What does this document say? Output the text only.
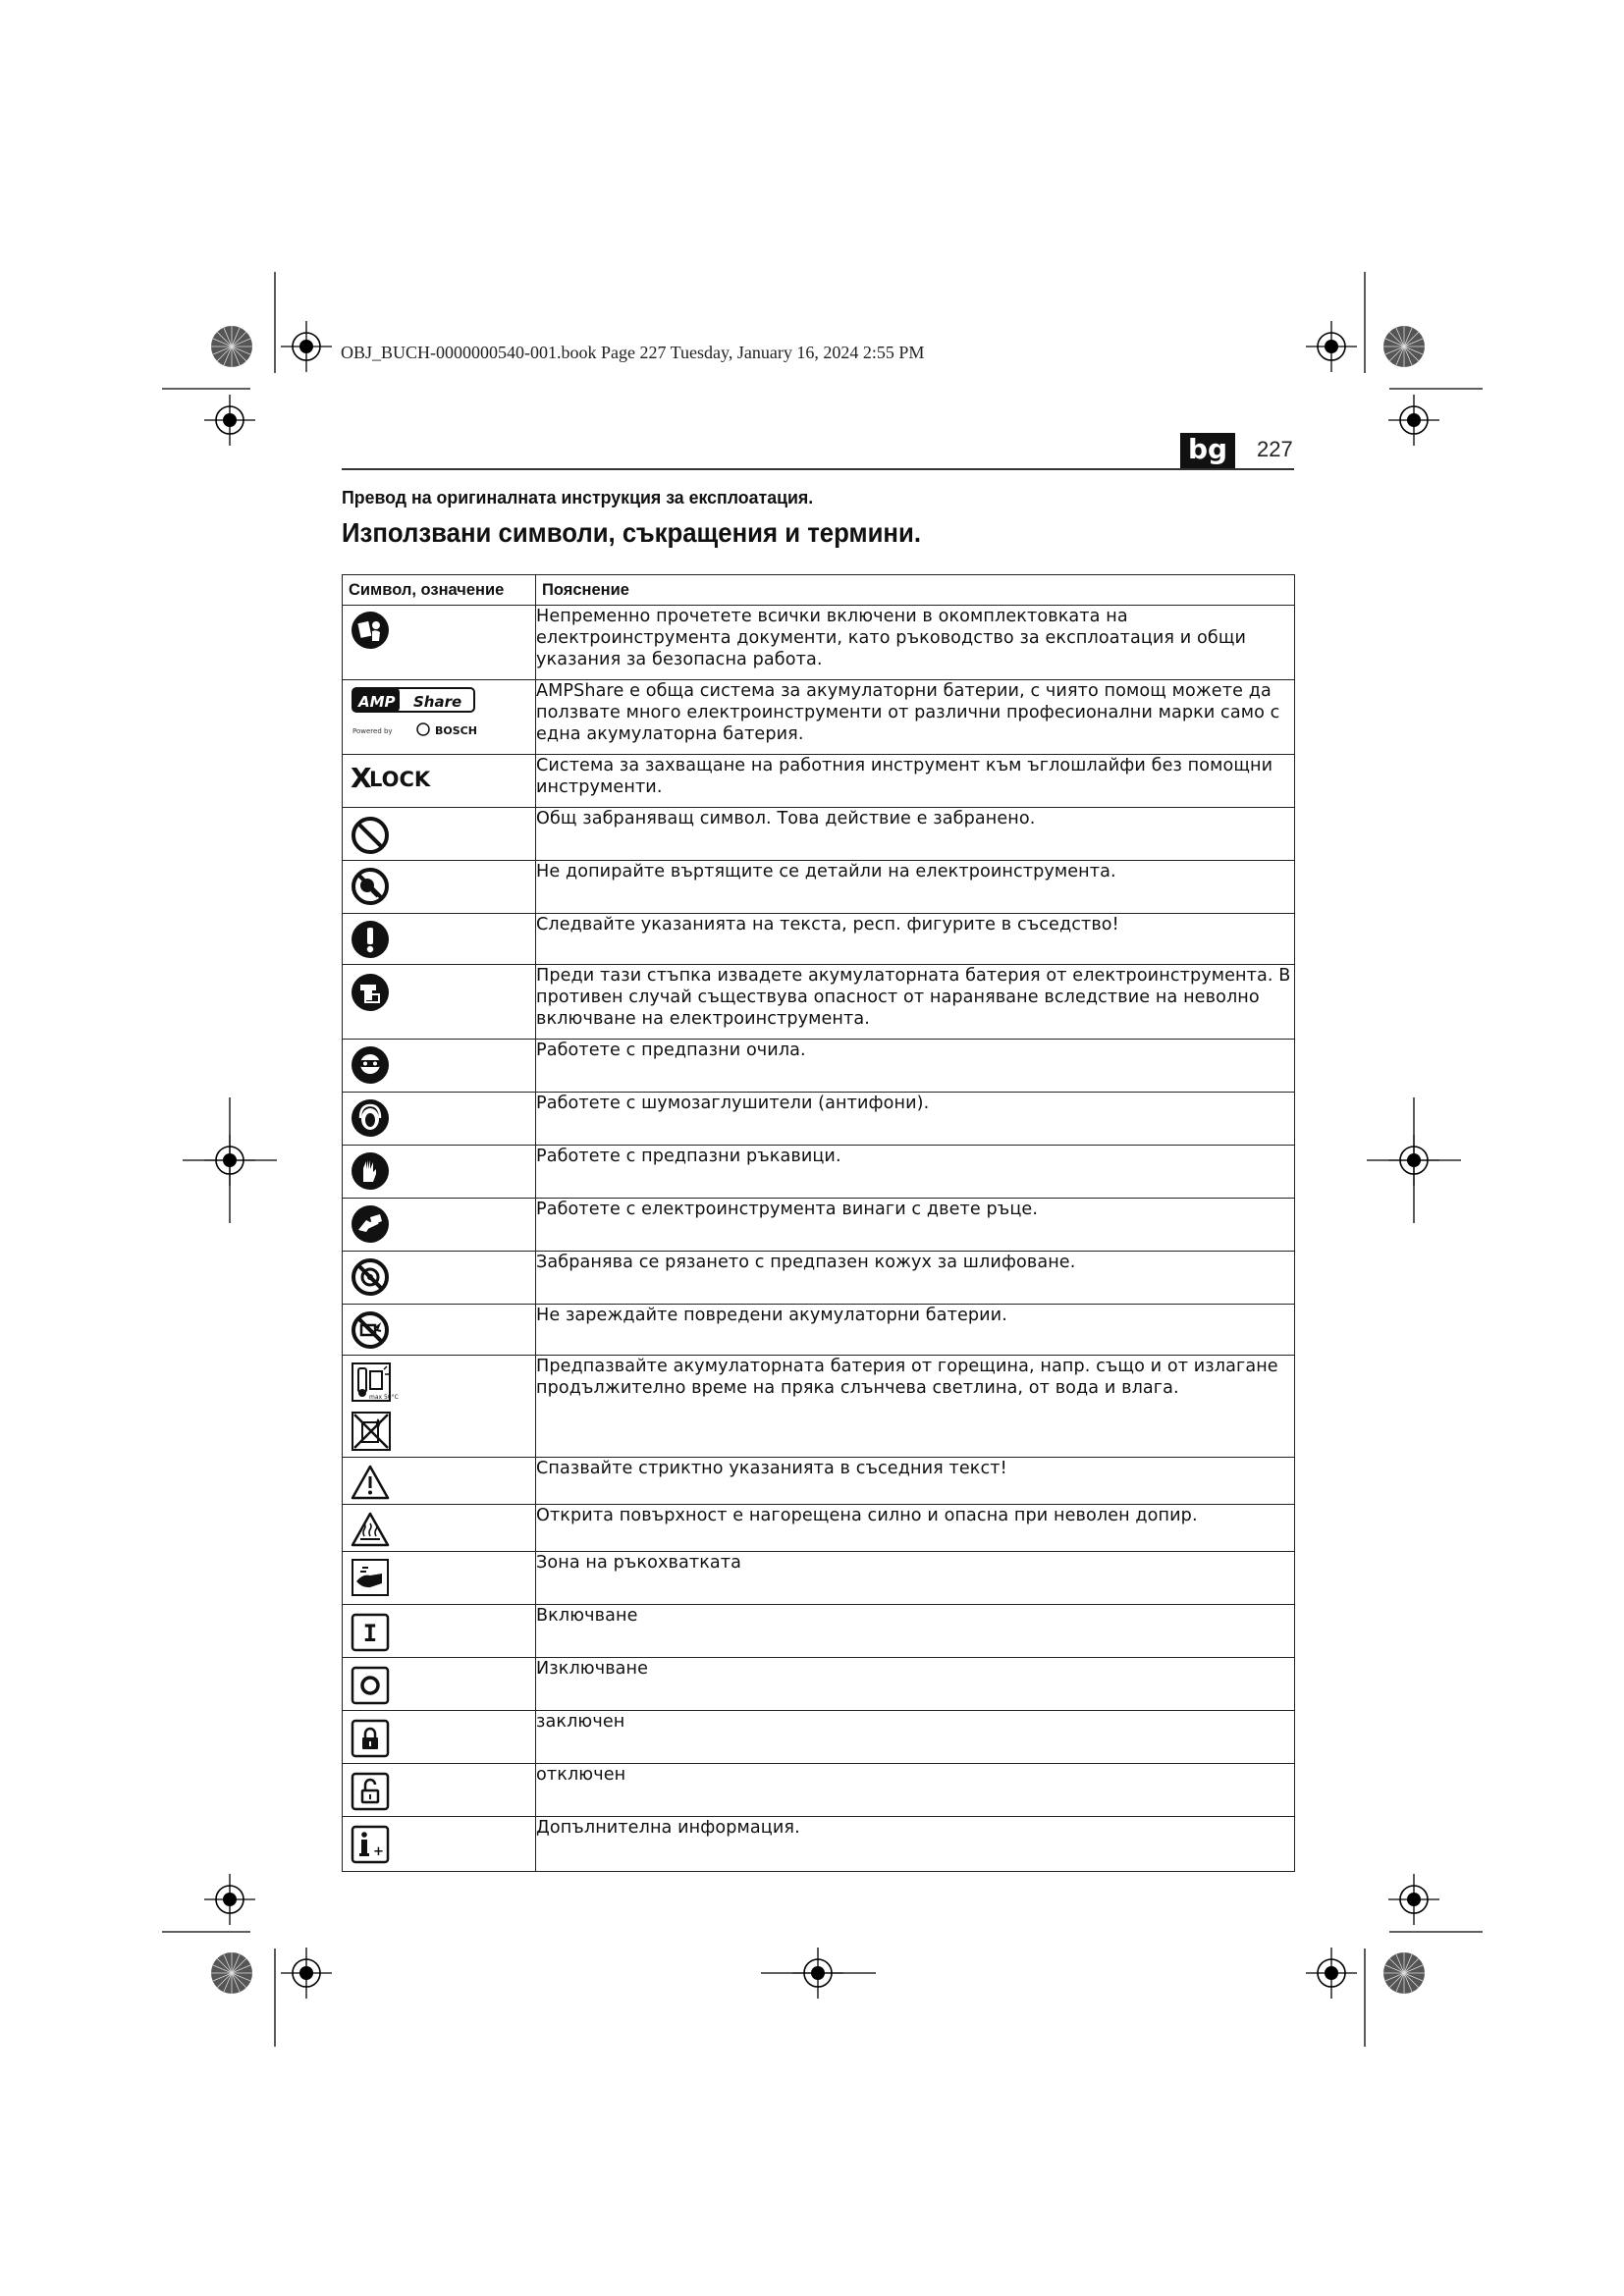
OBJ_BUCH-0000000540-001.book Page 227 Tuesday, January 16, 2024 2:55 PM
bg	227
Превод на оригиналната инструкция за експлоатация.
Използвани символи, съкращения и термини.
Символ, означение	Пояснение

	Непременно прочетете всички включени в окомплектовката на електроинструмента документи, като ръководство за експлоатация и общи указания за безопасна работа.

AMP Share
Powered by BOSCH	AMPShare е обща система за акумулаторни батерии, с чиято помощ можете да ползвате много електроинструменти от различни професионални марки само с една акумулаторна батерия.

X
LOCK	Система за захващане на работния инструмент към ъглошлайфи без помощни инструменти.

	Общ забраняващ символ. Това действие е забранено.

	Не допирайте въртящите се детайли на електроинструмента.

	Следвайте указанията на текста, респ. фигурите в съседство!

	Преди тази стъпка извадете акумулаторната батерия от електроинструмента. В противен случай съществува опасност от нараняване вследствие на неволно включване на електроинструмента.

	Работете с предпазни очила.

	Работете с шумозаглушители (антифони).

	Работете с предпазни ръкавици.

	Работете с електроинструмента винаги с двете ръце.

	Забранява се рязането с предпазен кожух за шлифоване.

	Не зареждайте повредени акумулаторни батерии.

max 50°C	Предпазвайте акумулаторната батерия от горещина, напр. също и от излагане продължително време на пряка слънчева светлина, от вода и влага.

	Спазвайте стриктно указанията в съседния текст!

	Открита повърхност е нагорещена силно и опасна при неволен допир.

	Зона на ръкохватката

I	Включване

	Изключване

	заключен

	отключен

+	Допълнителна информация.
